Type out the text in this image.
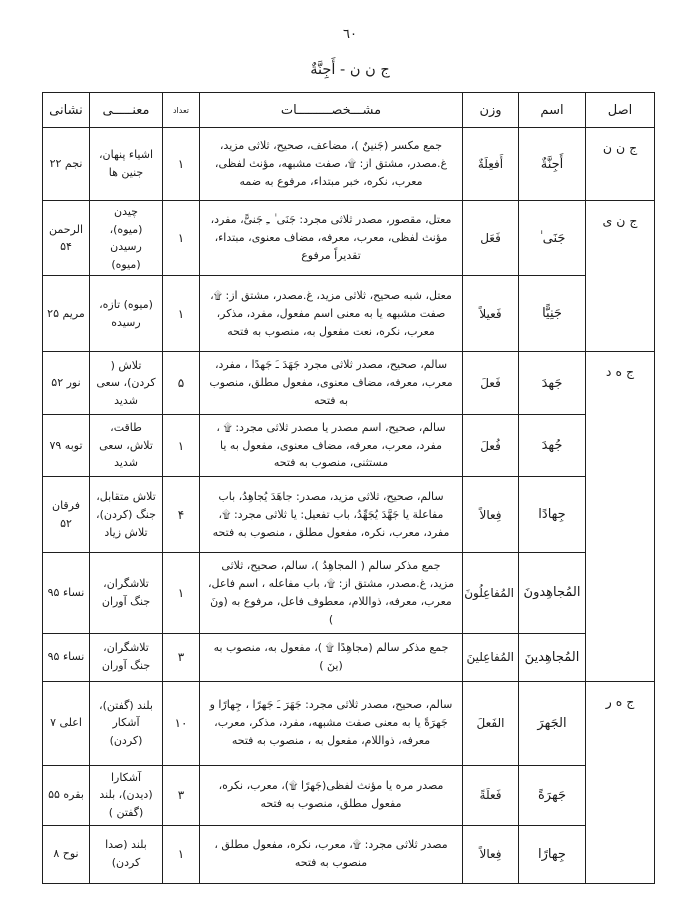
٦٠
ج ن ن - أَجِنَّةٌ
اصل	اسم	وزن	مشـــخصـــــــــات	تعداد	معنـــــى	نشانى
ج ن ن	أَجِنَّةٌ	أَفعِلَةٌ	جمع مكسر (جَنينٌ )، مضاعف، صحيح، ثلاثى مزيد، غ.مصدر، مشتق از: ۩، صفت مشبهه، مؤنث لفظى، معرب، نكره، خبر مبتداء، مرفوع به ضمه	١	اشياء پنهان، جنين ها	نجم ٢٢
ج ن ى	جَنَى ٰ	فَعَل	معتل، مقصور، مصدر ثلاثى مجرد: جَنَى ٰ ـِ جَنىًّ، مفرد، مؤنث لفظى، معرب، معرفه، مضاف معنوى، مبتداء، تقديراً مرفوع	١	چيدن (ميوه)، رسيدن (ميوه)	الرحمن ۵۴
	جَنِيًّا	فَعيلاً	معتل، شبه صحيح، ثلاثى مزيد، غ.مصدر، مشتق از: ۩، صفت مشبهه يا به معنى اسم مفعول، مفرد، مذكر، معرب، نكره، نعت مفعول به، منصوب به فتحه	١	(ميوه) تازه، رسيده	مريم ٢۵
ج ه د	جَهدَ	فَعلَ	سالم، صحيح، مصدر ثلاثى مجرد جَهَدَ ـَ جَهدًا ، مفرد، معرب، معرفه، مضاف معنوى، مفعول مطلق، منصوب به فتحه	۵	تلاش ( كردن)، سعى شديد	نور ۵٢
	جُهدَ	فُعلَ	سالم، صحيح، اسم مصدر يا مصدر ثلاثى مجرد: ۩ ، مفرد، معرب، معرفه، مضاف معنوى، مفعول به يا مستثنى، منصوب به فتحه	١	طاقت، تلاش، سعى شديد	توبه ٧٩
	جِهادًا	فِعالاً	سالم، صحيح، ثلاثى مزيد، مصدر: جاهَدَ يُجاهِدُ، باب مفاعلة يا جَهَّدَ يُجَهِّدُ، باب تفعيل: يا ثلاثى مجرد: ۩، مفرد، معرب، نكره، مفعول مطلق ، منصوب به فتحه	۴	تلاش متقابل، جنگ (كردن)، تلاش زياد	فرقان ۵٢
	المُجاهِدونَ	المُفاعِلُونَ	جمع مذكر سالم ( المجاهِدُ )، سالم، صحيح، ثلاثى مزيد، غ.مصدر، مشتق از: ۩، باب مفاعله ، اسم فاعل، معرب، معرفه، ذواللام، معطوف فاعل، مرفوع به (ونَ )	١	تلاشگران، جنگ آوران	نساء ٩۵
	المُجاهِدينَ	المُفاعِلينَ	جمع مذكر سالم (مجاهِدًا ۩ )، مفعول به، منصوب به (ينَ )	٣	تلاشگران، جنگ آوران	نساء ٩۵
ج ه ر	الجَهرَ	الفَعلَ	سالم، صحيح، مصدر ثلاثى مجرد: جَهَرَ ـَ جَهرًا ، جِهارًا و جَهرَةً يا به معنى صفت مشبهه، مفرد، مذكر، معرب، معرفه، ذواللام، مفعول به ، منصوب به فتحه	١٠	بلند (گفتن)، آشكار (كردن)	اعلى ٧
	جَهرَةً	فَعلَةً	مصدر مره يا مؤنث لفظى(جَهرًا ۩)، معرب، نكره، مفعول مطلق، منصوب به فتحه	٣	آشكارا (ديدن)، بلند (گفتن )	بقره ۵۵
	جِهارًا	فِعالاً	مصدر ثلاثى مجرد: ۩، معرب، نكره، مفعول مطلق ، منصوب به فتحه	١	بلند (صدا كردن)	نوح ٨
